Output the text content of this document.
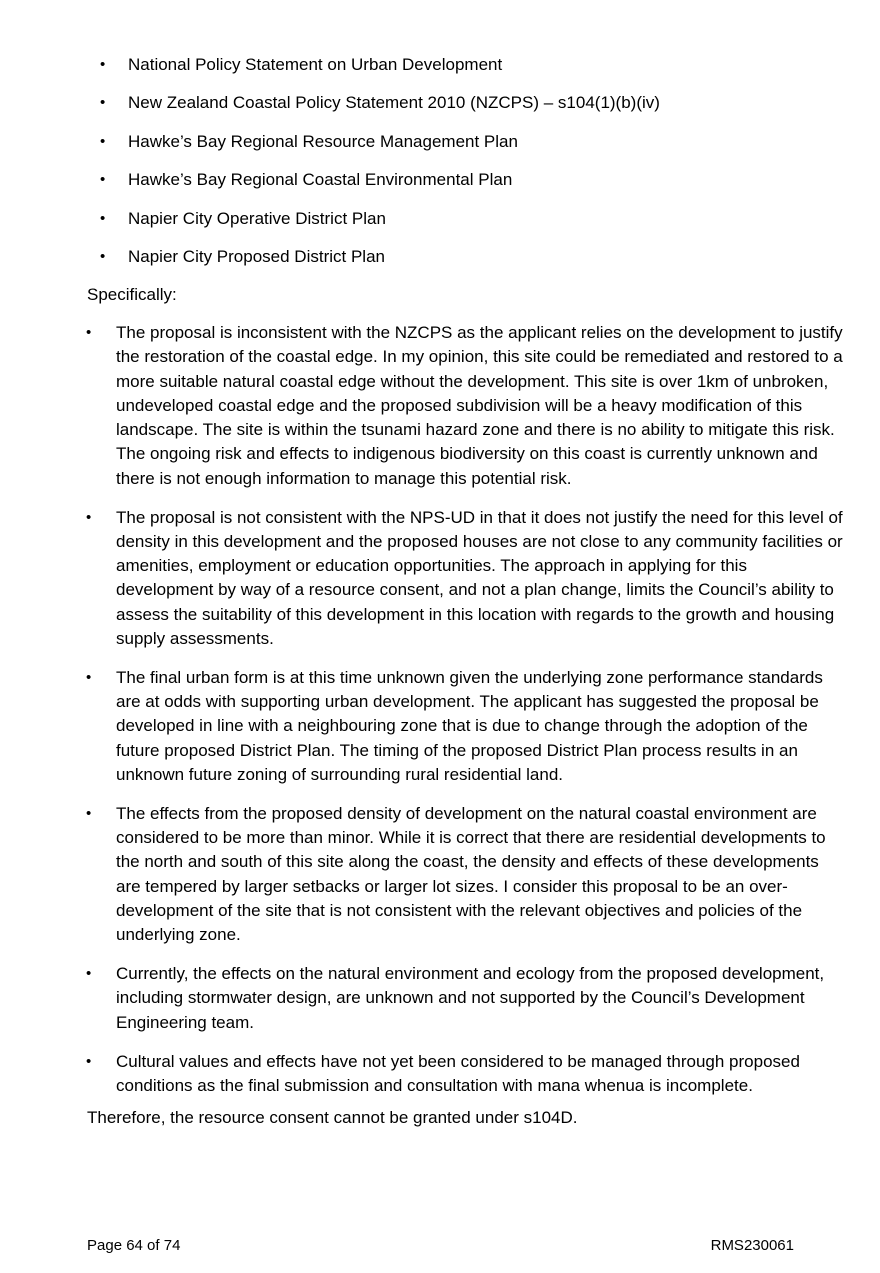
• National Policy Statement on Urban Development
• New Zealand Coastal Policy Statement 2010 (NZCPS) – s104(1)(b)(iv)
• Hawke’s Bay Regional Resource Management Plan
• Hawke’s Bay Regional Coastal Environmental Plan
• Napier City Operative District Plan
• Napier City Proposed District Plan

Specifically:

• The proposal is inconsistent with the NZCPS as the applicant relies on the development to justify the restoration of the coastal edge. In my opinion, this site could be remediated and restored to a more suitable natural coastal edge without the development. This site is over 1km of unbroken, undeveloped coastal edge and the proposed subdivision will be a heavy modification of this landscape. The site is within the tsunami hazard zone and there is no ability to mitigate this risk. The ongoing risk and effects to indigenous biodiversity on this coast is currently unknown and there is not enough information to manage this potential risk.
• The proposal is not consistent with the NPS-UD in that it does not justify the need for this level of density in this development and the proposed houses are not close to any community facilities or amenities, employment or education opportunities. The approach in applying for this development by way of a resource consent, and not a plan change, limits the Council’s ability to assess the suitability of this development in this location with regards to the growth and housing supply assessments.
• The final urban form is at this time unknown given the underlying zone performance standards are at odds with supporting urban development. The applicant has suggested the proposal be developed in line with a neighbouring zone that is due to change through the adoption of the future proposed District Plan. The timing of the proposed District Plan process results in an unknown future zoning of surrounding rural residential land.
• The effects from the proposed density of development on the natural coastal environment are considered to be more than minor. While it is correct that there are residential developments to the north and south of this site along the coast, the density and effects of these developments are tempered by larger setbacks or larger lot sizes. I consider this proposal to be an over-development of the site that is not consistent with the relevant objectives and policies of the underlying zone.
• Currently, the effects on the natural environment and ecology from the proposed development, including stormwater design, are unknown and not supported by the Council’s Development Engineering team.
• Cultural values and effects have not yet been considered to be managed through proposed conditions as the final submission and consultation with mana whenua is incomplete.

Therefore, the resource consent cannot be granted under s104D.

Page 64 of 74	RMS230061
